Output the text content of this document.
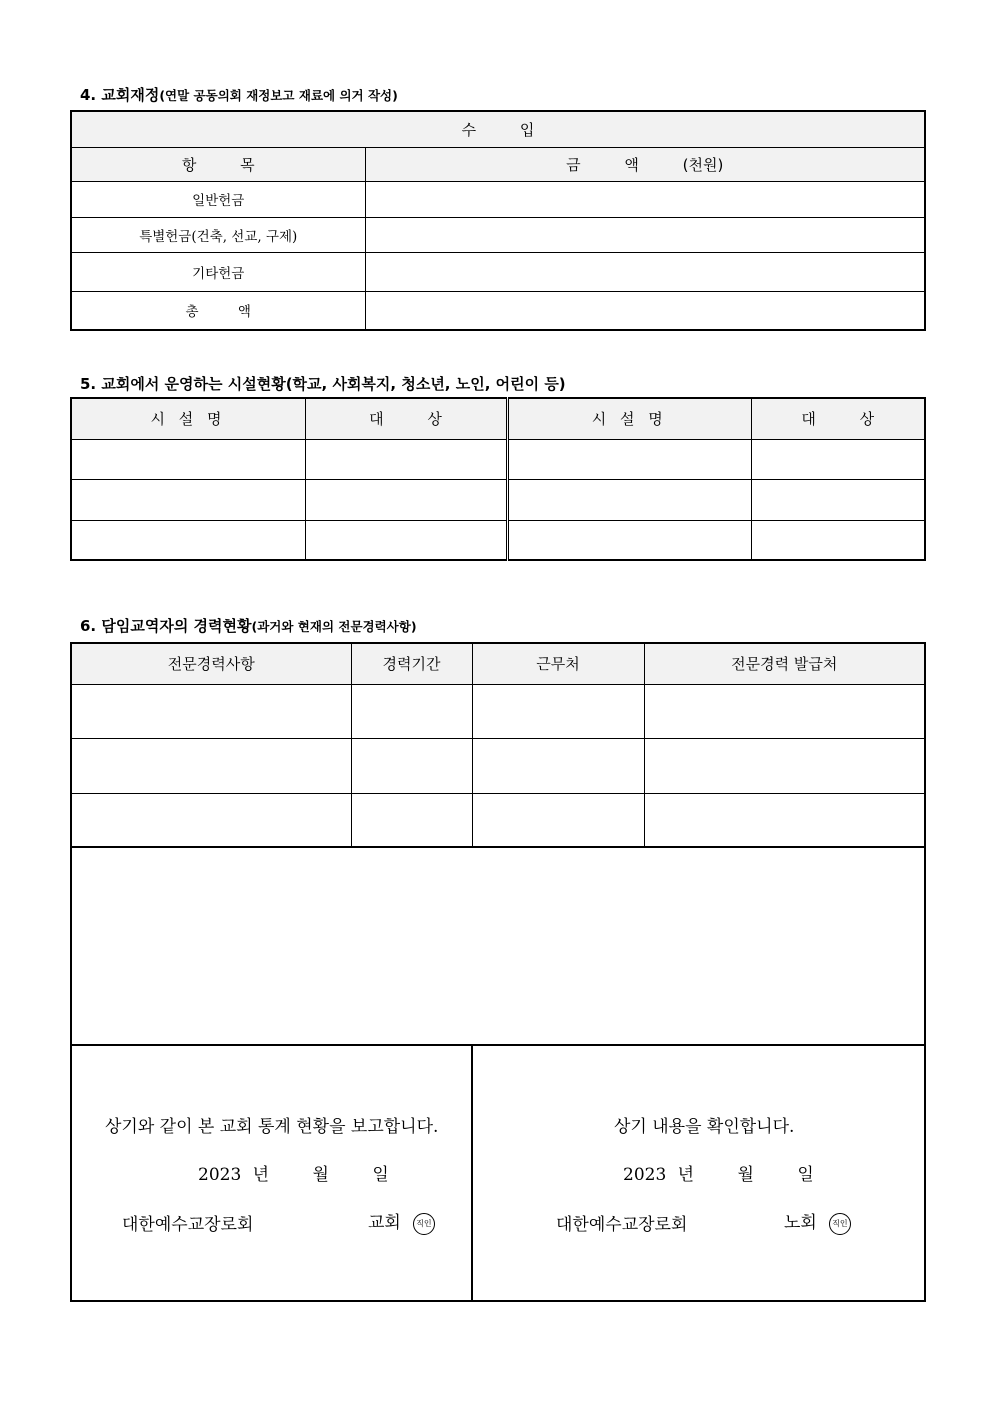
4. 교회재정(연말 공동의회 재정보고 재료에 의거 작성)
수 입	
항 목	금 액 (천원)
일반헌금	
특별헌금(건축, 선교, 구제)	
기타헌금	
총 액	
5. 교회에서 운영하는 시설현황(학교, 사회복지, 청소년, 노인, 어린이 등)
시 설 명	대 상	시 설 명	대 상

6. 담임교역자의 경력현황(과거와 현재의 전문경력사항)
전문경력사항	경력기간	근무처	전문경력 발급처

상기와 같이 본 교회 통계 현황을 보고합니다.
2023 년	월	일
대한예수교장로회	교회 직인
상기 내용을 확인합니다.
2023 년	월	일
대한예수교장로회	노회 직인
